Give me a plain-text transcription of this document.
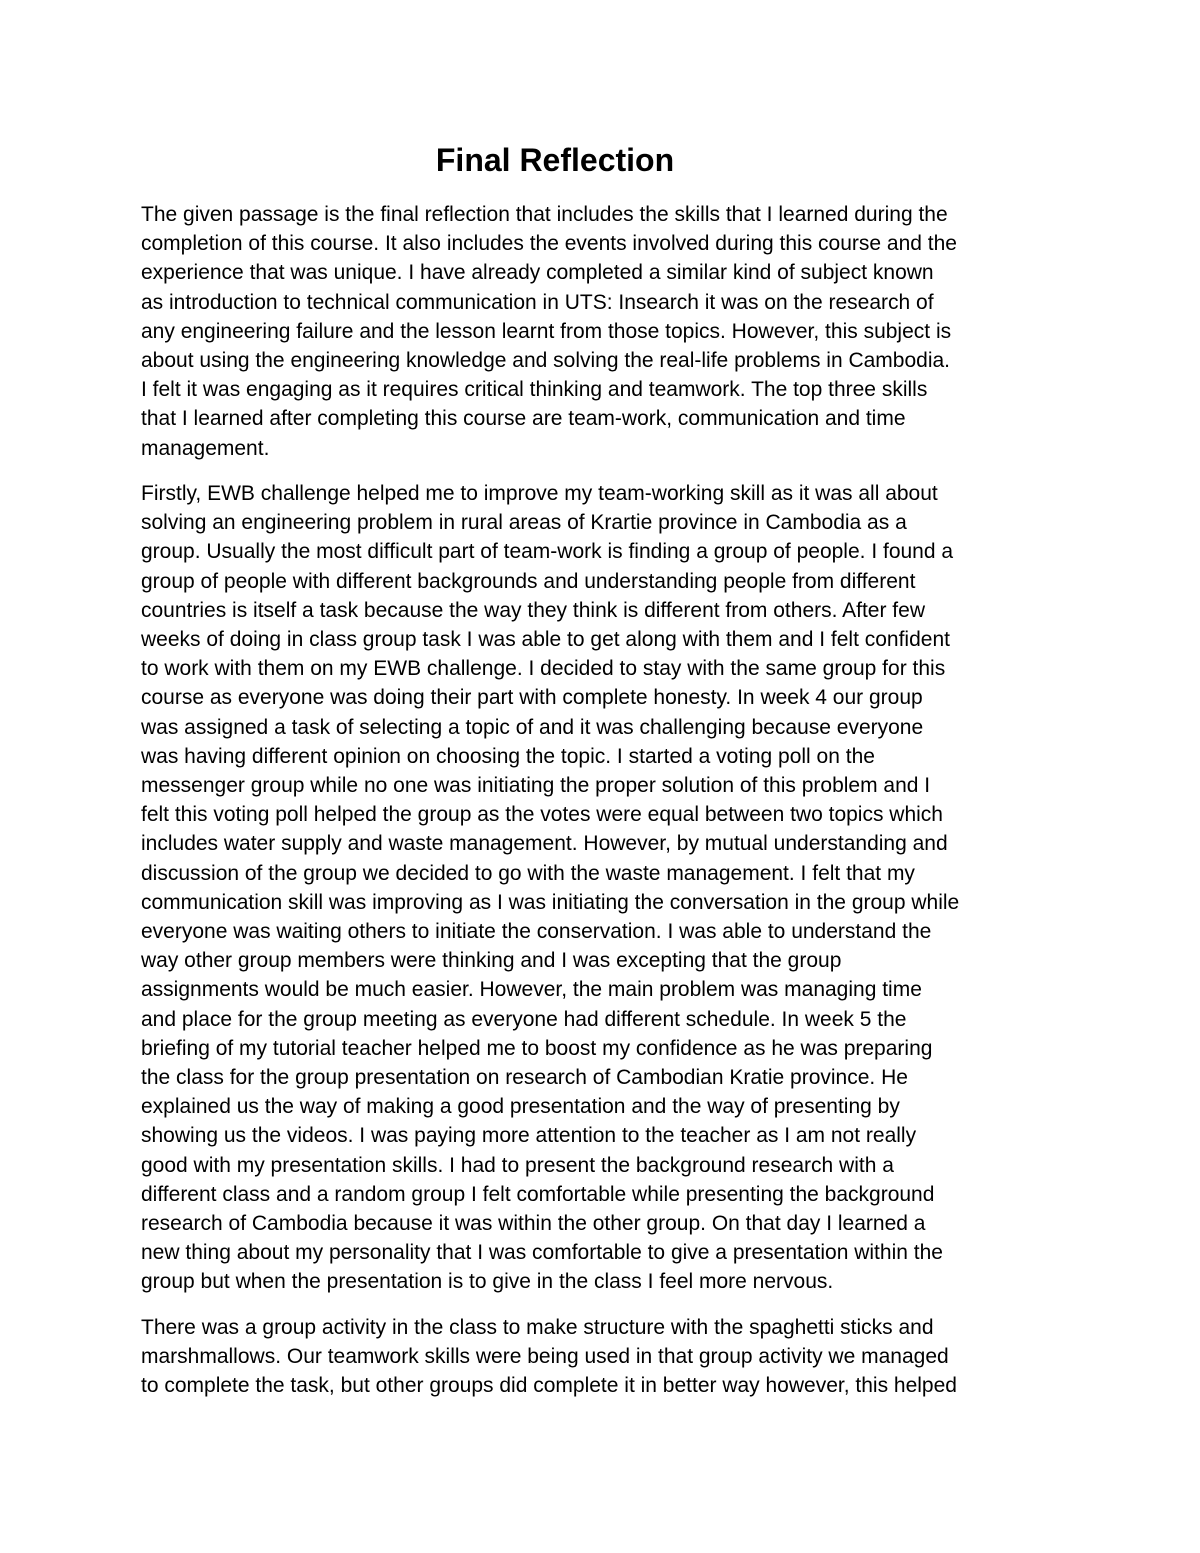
Final Reflection

The given passage is the final reflection that includes the skills that I learned during the
completion of this course. It also includes the events involved during this course and the
experience that was unique. I have already completed a similar kind of subject known
as introduction to technical communication in UTS: Insearch it was on the research of
any engineering failure and the lesson learnt from those topics. However, this subject is
about using the engineering knowledge and solving the real-life problems in Cambodia.
I felt it was engaging as it requires critical thinking and teamwork. The top three skills
that I learned after completing this course are team-work, communication and time
management.

Firstly, EWB challenge helped me to improve my team-working skill as it was all about
solving an engineering problem in rural areas of Krartie province in Cambodia as a
group. Usually the most difficult part of team-work is finding a group of people. I found a
group of people with different backgrounds and understanding people from different
countries is itself a task because the way they think is different from others. After few
weeks of doing in class group task I was able to get along with them and I felt confident
to work with them on my EWB challenge. I decided to stay with the same group for this
course as everyone was doing their part with complete honesty. In week 4 our group
was assigned a task of selecting a topic of and it was challenging because everyone
was having different opinion on choosing the topic. I started a voting poll on the
messenger group while no one was initiating the proper solution of this problem and I
felt this voting poll helped the group as the votes were equal between two topics which
includes water supply and waste management. However, by mutual understanding and
discussion of the group we decided to go with the waste management. I felt that my
communication skill was improving as I was initiating the conversation in the group while
everyone was waiting others to initiate the conservation. I was able to understand the
way other group members were thinking and I was excepting that the group
assignments would be much easier. However, the main problem was managing time
and place for the group meeting as everyone had different schedule. In week 5 the
briefing of my tutorial teacher helped me to boost my confidence as he was preparing
the class for the group presentation on research of Cambodian Kratie province. He
explained us the way of making a good presentation and the way of presenting by
showing us the videos. I was paying more attention to the teacher as I am not really
good with my presentation skills. I had to present the background research with a
different class and a random group I felt comfortable while presenting the background
research of Cambodia because it was within the other group. On that day I learned a
new thing about my personality that I was comfortable to give a presentation within the
group but when the presentation is to give in the class I feel more nervous.

There was a group activity in the class to make structure with the spaghetti sticks and
marshmallows. Our teamwork skills were being used in that group activity we managed
to complete the task, but other groups did complete it in better way however, this helped
